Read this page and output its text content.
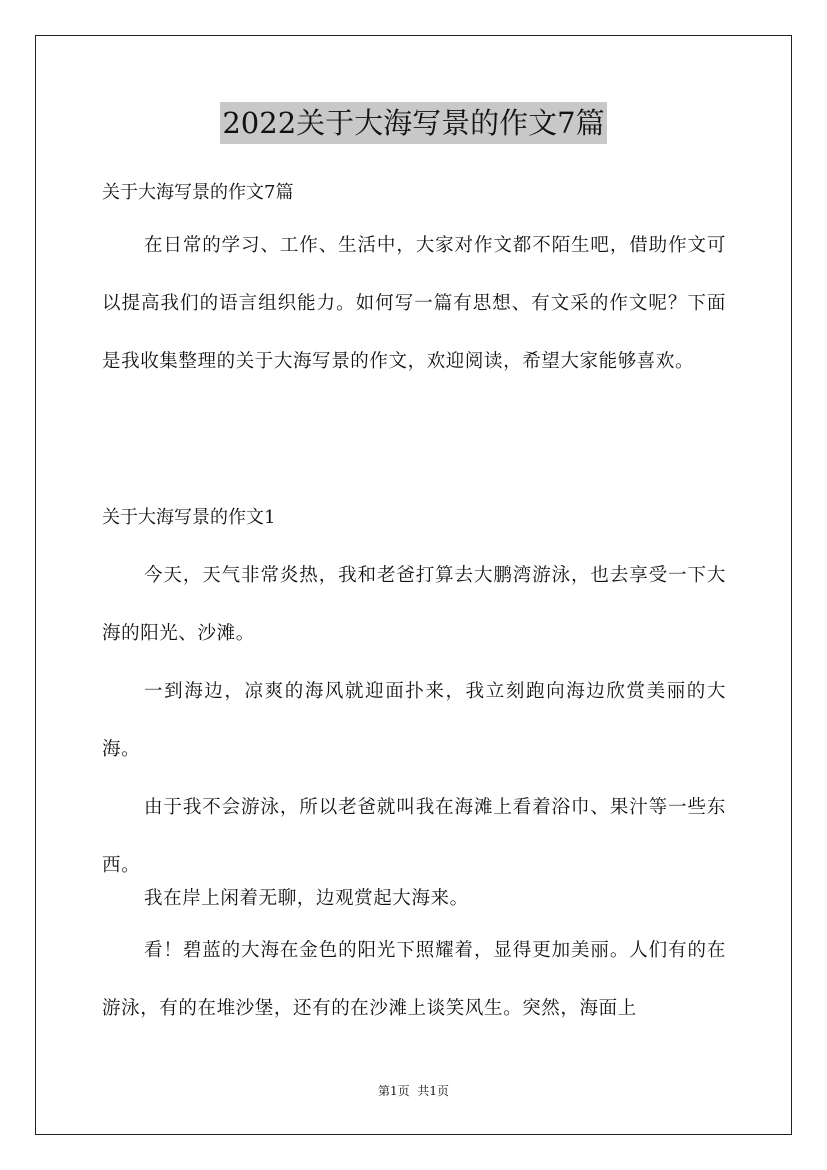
2022关于大海写景的作文7篇
关于大海写景的作文7篇

在日常的学习、工作、生活中，大家对作文都不陌生吧，借助作文可以提高我们的语言组织能力。如何写一篇有思想、有文采的作文呢？下面是我收集整理的关于大海写景的作文，欢迎阅读，希望大家能够喜欢。

关于大海写景的作文1

今天，天气非常炎热，我和老爸打算去大鹏湾游泳，也去享受一下大海的阳光、沙滩。

一到海边，凉爽的海风就迎面扑来，我立刻跑向海边欣赏美丽的大海。

由于我不会游泳，所以老爸就叫我在海滩上看着浴巾、果汁等一些东西。

我在岸上闲着无聊，边观赏起大海来。

看！碧蓝的大海在金色的阳光下照耀着，显得更加美丽。人们有的在游泳，有的在堆沙堡，还有的在沙滩上谈笑风生。突然，海面上

第1页 共1页
